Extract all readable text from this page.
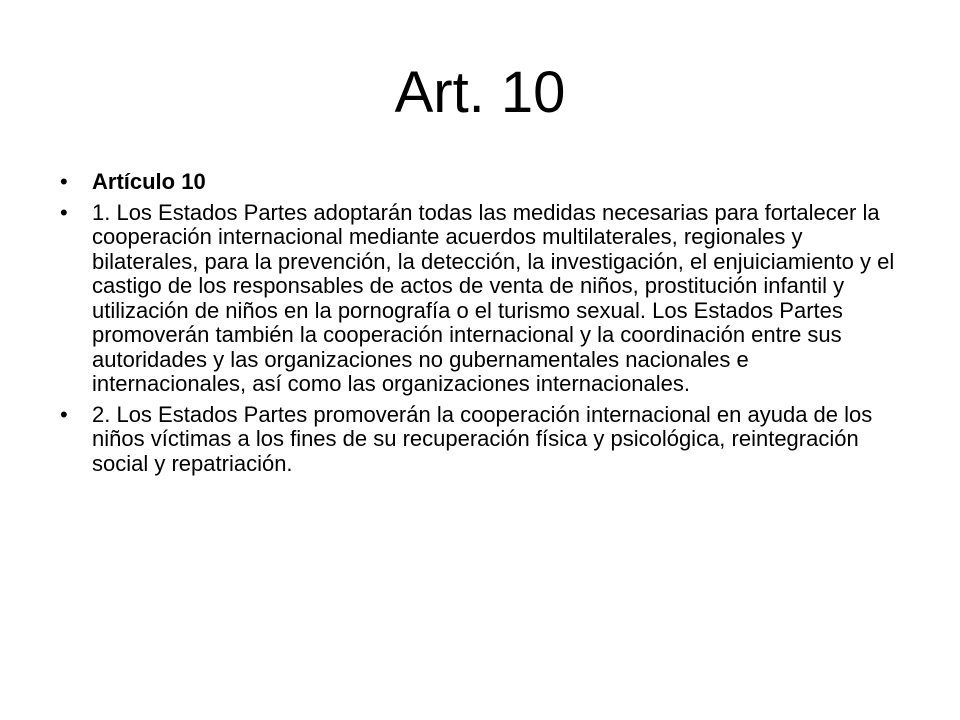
Art. 10
•	Artículo 10
•	1. Los Estados Partes adoptarán todas las medidas necesarias para fortalecer la cooperación internacional mediante acuerdos multilaterales, regionales y bilaterales, para la prevención, la detección, la investigación, el enjuiciamiento y el castigo de los responsables de actos de venta de niños, prostitución infantil y utilización de niños en la pornografía o el turismo sexual. Los Estados Partes promoverán también la cooperación internacional y la coordinación entre sus autoridades y las organizaciones no gubernamentales nacionales e internacionales, así como las organizaciones internacionales.
•	2. Los Estados Partes promoverán la cooperación internacional en ayuda de los niños víctimas a los fines de su recuperación física y psicológica, reintegración social y repatriación.
